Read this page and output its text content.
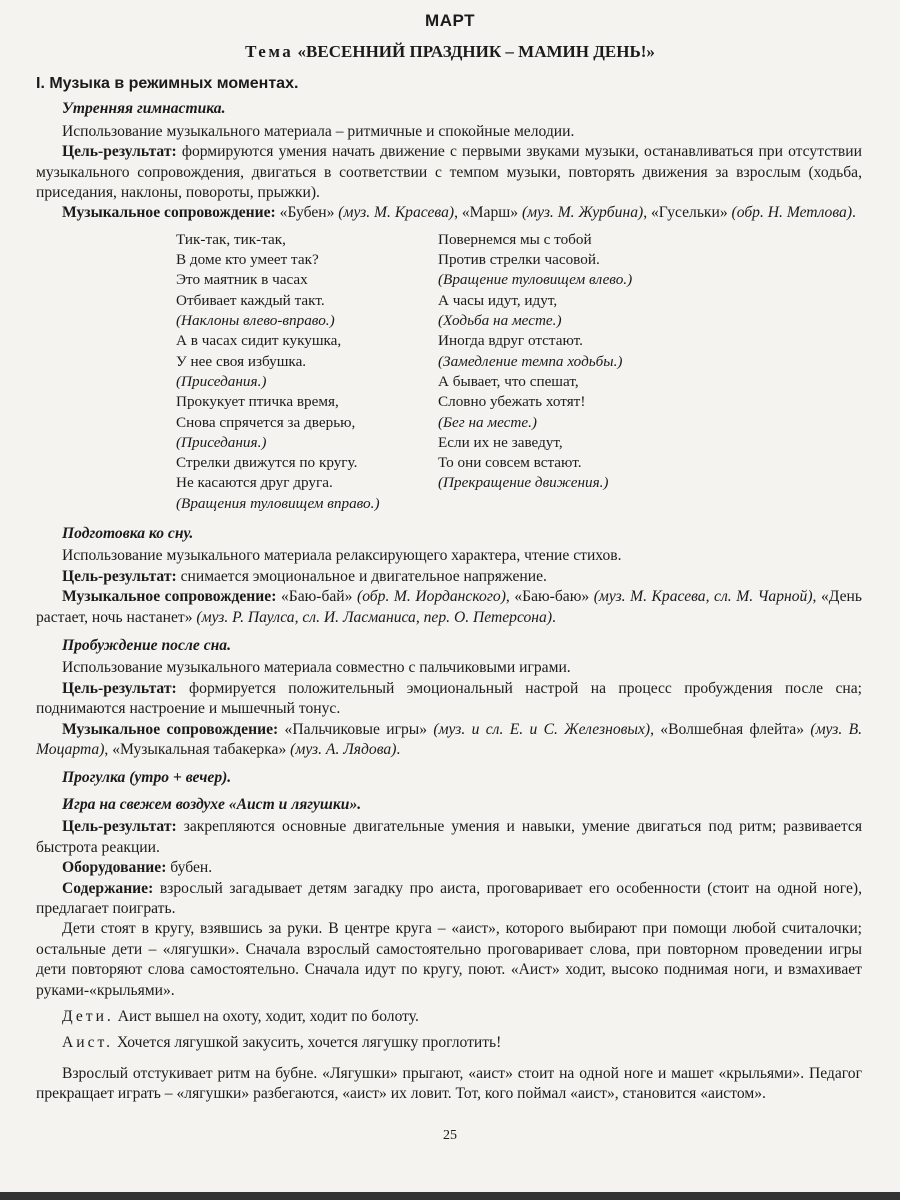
МАРТ
Тема «ВЕСЕННИЙ ПРАЗДНИК – МАМИН ДЕНЬ!»
I. Музыка в режимных моментах.
Утренняя гимнастика.

Использование музыкального материала – ритмичные и спокойные мелодии.

Цель-результат: формируются умения начать движение с первыми звуками музыки, останавливаться при отсутствии музыкального сопровождения, двигаться в соответствии с темпом музыки, повторять движения за взрослым (ходьба, приседания, наклоны, повороты, прыжки).

Музыкальное сопровождение: «Бубен» (муз. М. Красева), «Марш» (муз. М. Журбина), «Гусельки» (обр. Н. Метлова).

Тик-так, тик-так,
В доме кто умеет так?
Это маятник в часах
Отбивает каждый такт.
(Наклоны влево-вправо.)
А в часах сидит кукушка,
У нее своя избушка.
(Приседания.)
Прокукует птичка время,
Снова спрячется за дверью,
(Приседания.)
Стрелки движутся по кругу.
Не касаются друг друга.
(Вращения туловищем вправо.)
Повернемся мы с тобой
Против стрелки часовой.
(Вращение туловищем влево.)
А часы идут, идут,
(Ходьба на месте.)
Иногда вдруг отстают.
(Замедление темпа ходьбы.)
А бывает, что спешат,
Словно убежать хотят!
(Бег на месте.)
Если их не заведут,
То они совсем встают.
(Прекращение движения.)
Подготовка ко сну.

Использование музыкального материала релаксирующего характера, чтение стихов.

Цель-результат: снимается эмоциональное и двигательное напряжение.

Музыкальное сопровождение: «Баю-бай» (обр. М. Иорданского), «Баю-баю» (муз. М. Красева, сл. М. Чарной), «День растает, ночь настанет» (муз. Р. Паулса, сл. И. Ласманиса, пер. О. Петерсона).

Пробуждение после сна.

Использование музыкального материала совместно с пальчиковыми играми.

Цель-результат: формируется положительный эмоциональный настрой на процесс пробуждения после сна; поднимаются настроение и мышечный тонус.

Музыкальное сопровождение: «Пальчиковые игры» (муз. и сл. Е. и С. Железновых), «Волшебная флейта» (муз. В. Моцарта), «Музыкальная табакерка» (муз. А. Лядова).

Прогулка (утро + вечер).
Игра на свежем воздухе «Аист и лягушки».

Цель-результат: закрепляются основные двигательные умения и навыки, умение двигаться под ритм; развивается быстрота реакции.

Оборудование: бубен.

Содержание: взрослый загадывает детям загадку про аиста, проговаривает его особенности (стоит на одной ноге), предлагает поиграть.

Дети стоят в кругу, взявшись за руки. В центре круга – «аист», которого выбирают при помощи любой считалочки; остальные дети – «лягушки». Сначала взрослый самостоятельно проговаривает слова, при повторном проведении игры дети повторяют слова самостоятельно. Сначала идут по кругу, поют. «Аист» ходит, высоко поднимая ноги, и взмахивает руками-«крыльями».

Дети. Аист вышел на охоту, ходит, ходит по болоту.

Аист. Хочется лягушкой закусить, хочется лягушку проглотить!

Взрослый отстукивает ритм на бубне. «Лягушки» прыгают, «аист» стоит на одной ноге и машет «крыльями». Педагог прекращает играть – «лягушки» разбегаются, «аист» их ловит. Тот, кого поймал «аист», становится «аистом».

25
